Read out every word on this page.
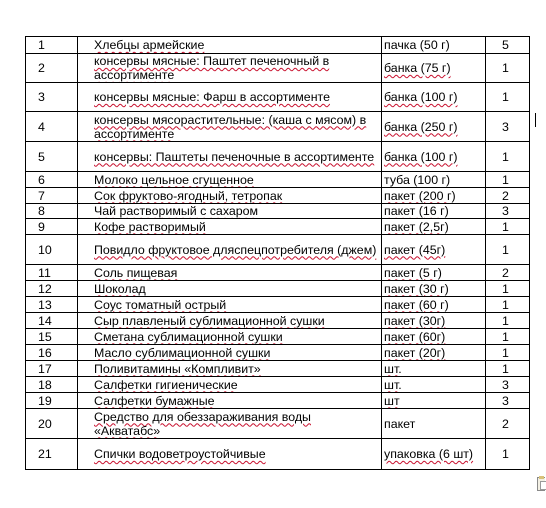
1	Хлебцы армейские	пачка (50 г)	5
2	консервы мясные: Паштет печеночный в ассортименте	банка (75 г)	1
3	консервы мясные: Фарш в ассортименте	банка (100 г)	1
4	консервы мясорастительные: (каша с мясом) в ассортименте	банка (250 г)	3
5	консервы: Паштеты печеночные в ассортименте	банка (100 г)	1
6	Молоко цельное сгущенное	туба (100 г)	1
7	Сок фруктово-ягодный, тетропак	пакет (200 г)	2
8	Чай растворимый с сахаром	пакет (16 г)	3
9	Кофе растворимый	пакет (2,5г)	1
10	Повидло фруктовое дляспецпотребителя (джем)	пакет (45г)	1
11	Соль пищевая	пакет (5 г)	2
12	Шоколад	пакет (30 г)	1
13	Соус томатный острый	пакет (60 г)	1
14	Сыр плавленый сублимационной сушки	пакет (30г)	1
15	Сметана сублимационной сушки	пакет (60г)	1
16	Масло сублимационной сушки	пакет (20г)	1
17	Поливитамины «Компливит»	шт.	1
18	Салфетки гигиенические	шт.	3
19	Салфетки бумажные	шт	3
20	Средство для обеззараживания воды «Акватабс»	пакет	2
21	Спички водоветроустойчивые	упаковка (6 шт)	1
